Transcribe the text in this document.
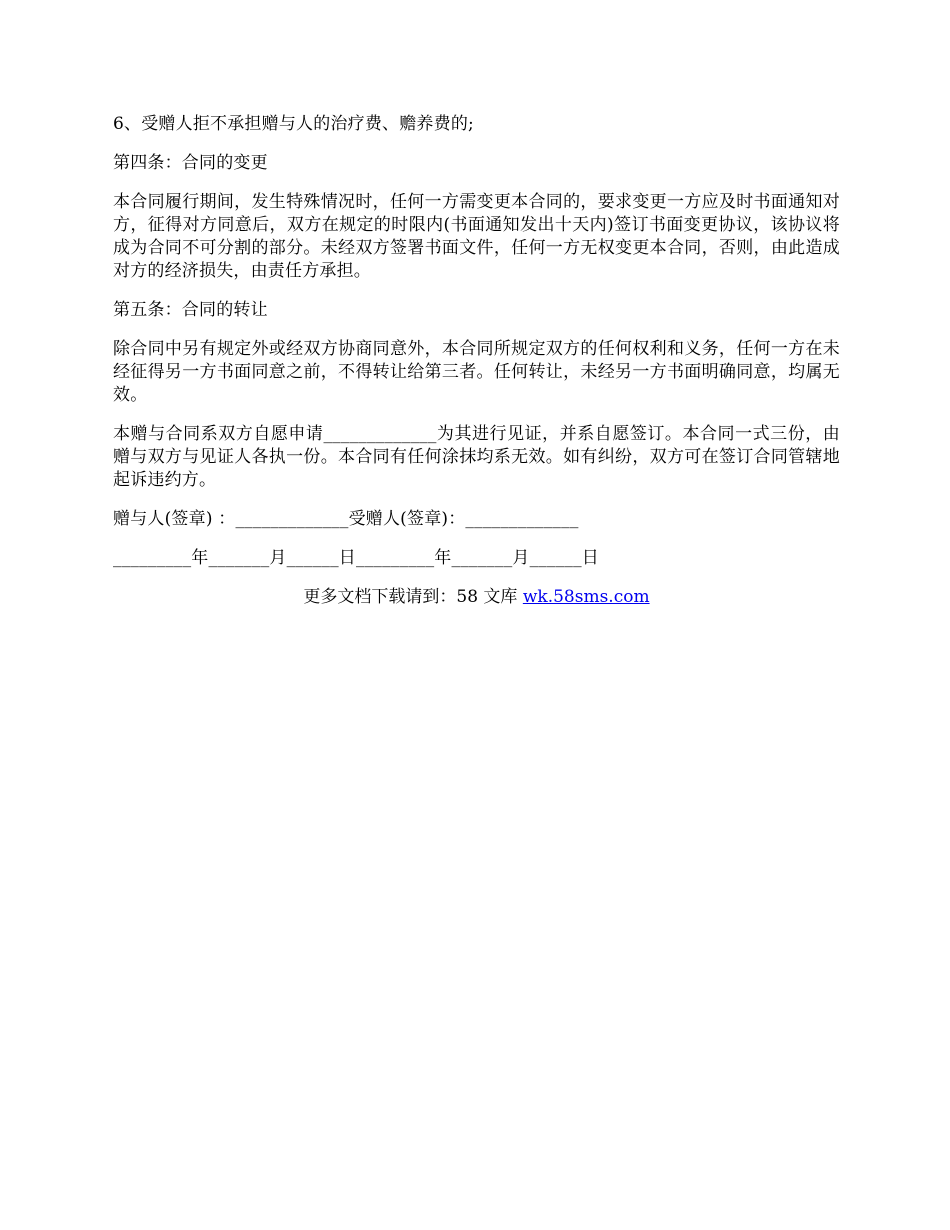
6、受赠人拒不承担赠与人的治疗费、赡养费的;

第四条：合同的变更

本合同履行期间，发生特殊情况时，任何一方需变更本合同的，要求变更一方应及时书面通知对方，征得对方同意后，双方在规定的时限内(书面通知发出十天内)签订书面变更协议，该协议将成为合同不可分割的部分。未经双方签署书面文件，任何一方无权变更本合同，否则，由此造成对方的经济损失，由责任方承担。

第五条：合同的转让

除合同中另有规定外或经双方协商同意外，本合同所规定双方的任何权利和义务，任何一方在未经征得另一方书面同意之前，不得转让给第三者。任何转让，未经另一方书面明确同意，均属无效。

本赠与合同系双方自愿申请_____________为其进行见证，并系自愿签订。本合同一式三份，由赠与双方与见证人各执一份。本合同有任何涂抹均系无效。如有纠纷，双方可在签订合同管辖地起诉违约方。

赠与人(签章) ：_____________受赠人(签章)：_____________

_________年_______月______日_________年_______月______日

更多文档下载请到：58 文库 wk.58sms.com
